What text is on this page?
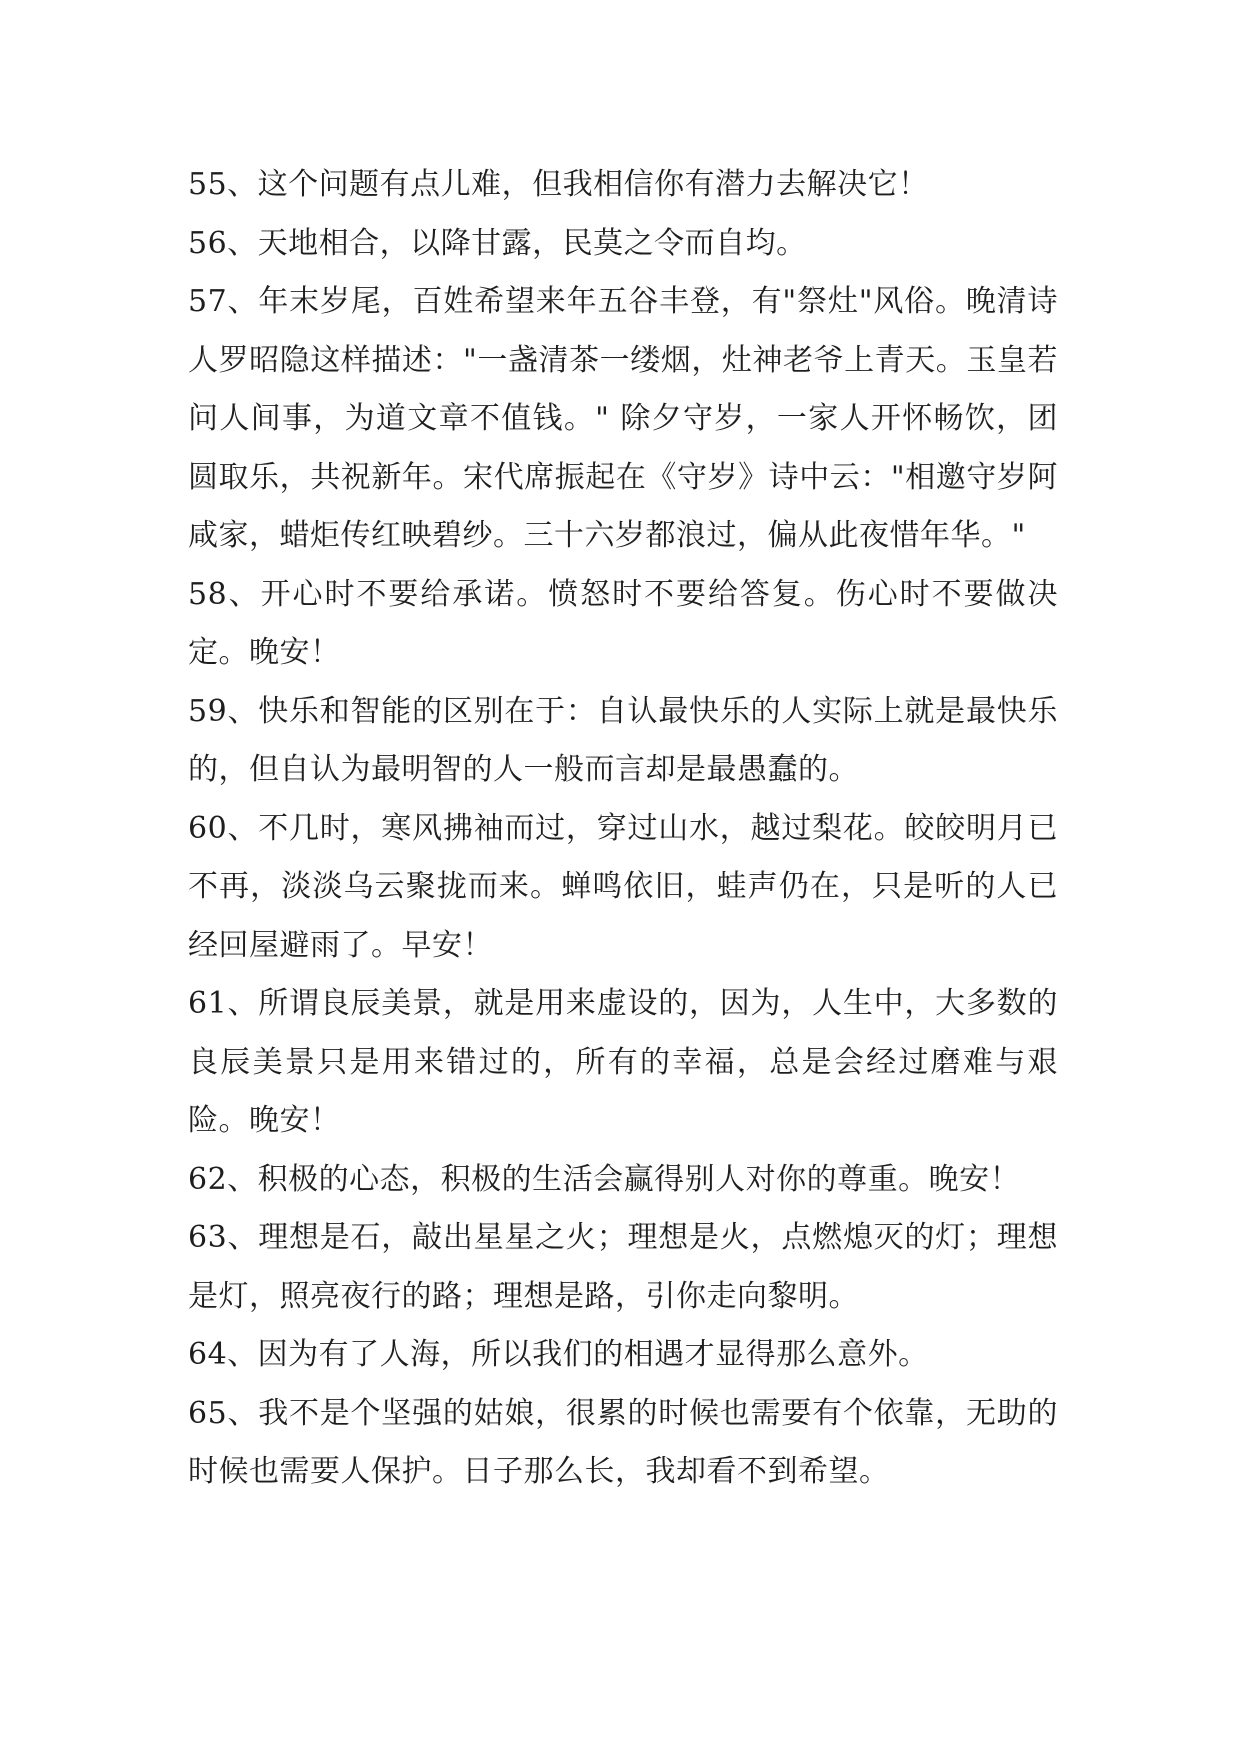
55、这个问题有点儿难，但我相信你有潜力去解决它！

56、天地相合，以降甘露，民莫之令而自均。

57、年末岁尾，百姓希望来年五谷丰登，有"祭灶"风俗。晚清诗人罗昭隐这样描述："一盏清茶一缕烟，灶神老爷上青天。玉皇若问人间事，为道文章不值钱。" 除夕守岁，一家人开怀畅饮，团圆取乐，共祝新年。宋代席振起在《守岁》诗中云："相邀守岁阿咸家，蜡炬传红映碧纱。三十六岁都浪过，偏从此夜惜年华。"

58、开心时不要给承诺。愤怒时不要给答复。伤心时不要做决定。晚安！

59、快乐和智能的区别在于：自认最快乐的人实际上就是最快乐的，但自认为最明智的人一般而言却是最愚蠢的。

60、不几时，寒风拂袖而过，穿过山水，越过梨花。皎皎明月已不再，淡淡乌云聚拢而来。蝉鸣依旧，蛙声仍在，只是听的人已经回屋避雨了。早安！

61、所谓良辰美景，就是用来虚设的，因为，人生中，大多数的良辰美景只是用来错过的，所有的幸福，总是会经过磨难与艰险。晚安！

62、积极的心态，积极的生活会赢得别人对你的尊重。晚安！

63、理想是石，敲出星星之火；理想是火，点燃熄灭的灯；理想是灯，照亮夜行的路；理想是路，引你走向黎明。

64、因为有了人海，所以我们的相遇才显得那么意外。

65、我不是个坚强的姑娘，很累的时候也需要有个依靠，无助的时候也需要人保护。日子那么长，我却看不到希望。
